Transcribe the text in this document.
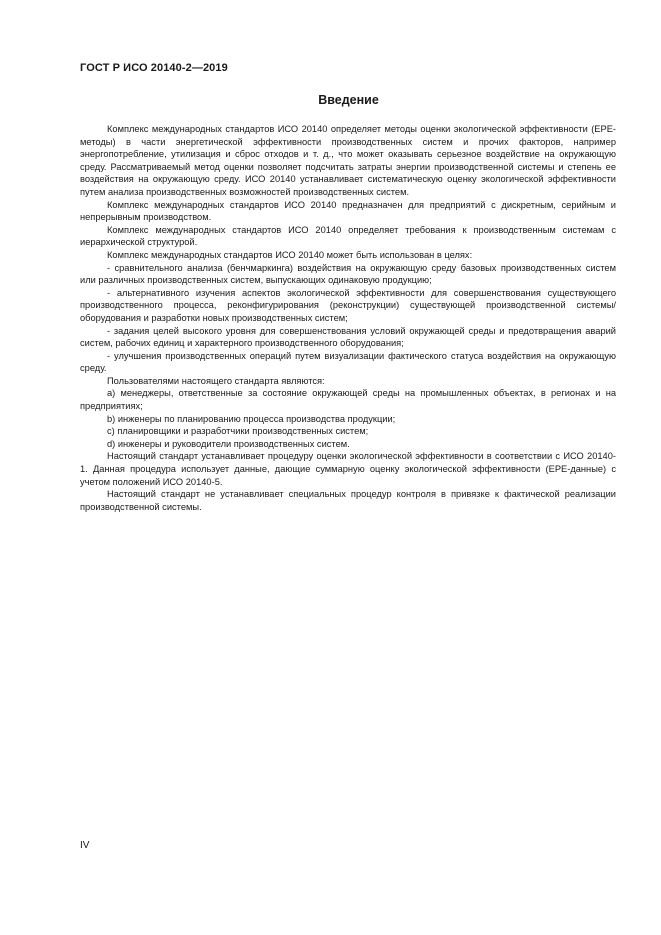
ГОСТ Р ИСО 20140-2—2019
Введение

Комплекс международных стандартов ИСО 20140 определяет методы оценки экологической эффективности (ЕРЕ-методы) в части энергетической эффективности производственных систем и прочих факторов, например энергопотребление, утилизация и сброс отходов и т. д., что может оказывать серьезное воздействие на окружающую среду. Рассматриваемый метод оценки позволяет подсчитать затраты энергии производственной системы и степень ее воздействия на окружающую среду. ИСО 20140 устанавливает систематическую оценку экологической эффективности путем анализа производственных возможностей производственных систем.

Комплекс международных стандартов ИСО 20140 предназначен для предприятий с дискретным, серийным и непрерывным производством.

Комплекс международных стандартов ИСО 20140 определяет требования к производственным системам с иерархической структурой.

Комплекс международных стандартов ИСО 20140 может быть использован в целях:

- сравнительного анализа (бенчмаркинга) воздействия на окружающую среду базовых производственных систем или различных производственных систем, выпускающих одинаковую продукцию;

- альтернативного изучения аспектов экологической эффективности для совершенствования существующего производственного процесса, реконфигурирования (реконструкции) существующей производственной системы/оборудования и разработки новых производственных систем;

- задания целей высокого уровня для совершенствования условий окружающей среды и предотвращения аварий систем, рабочих единиц и характерного производственного оборудования;

- улучшения производственных операций путем визуализации фактического статуса воздействия на окружающую среду.

Пользователями настоящего стандарта являются:

a) менеджеры, ответственные за состояние окружающей среды на промышленных объектах, в регионах и на предприятиях;

b) инженеры по планированию процесса производства продукции;

c) планировщики и разработчики производственных систем;

d) инженеры и руководители производственных систем.

Настоящий стандарт устанавливает процедуру оценки экологической эффективности в соответствии с ИСО 20140-1. Данная процедура использует данные, дающие суммарную оценку экологической эффективности (ЕРЕ-данные) с учетом положений ИСО 20140-5.

Настоящий стандарт не устанавливает специальных процедур контроля в привязке к фактической реализации производственной системы.

IV
